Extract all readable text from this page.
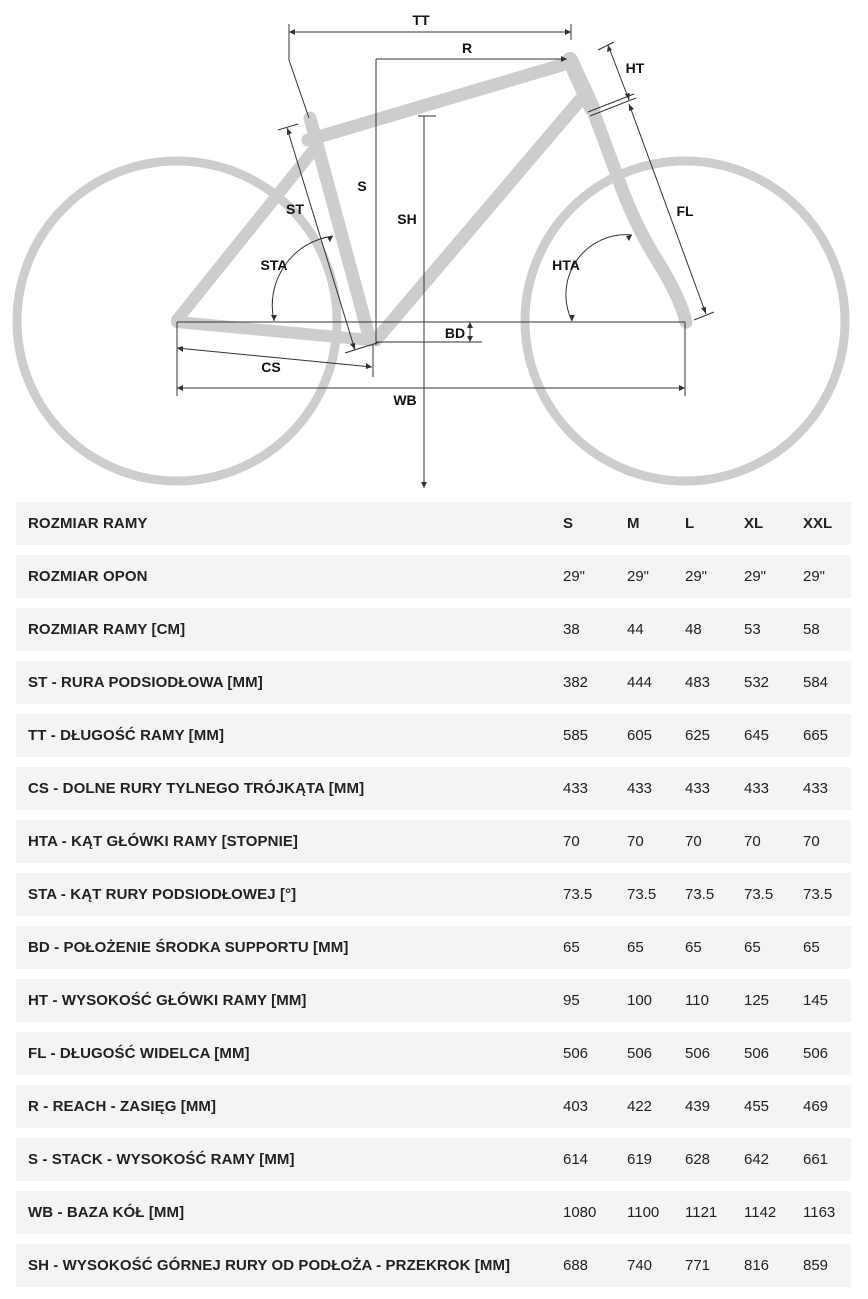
TT
R
HT
S
ST
SH	FL
STA	HTA
BD
CS
WB
ROZMIAR RAMY	S	M	L	XL	XXL
ROZMIAR OPON	29"	29"	29"	29"	29"
ROZMIAR RAMY [CM]	38	44	48	53	58
ST - RURA PODSIODŁOWA [MM]	382	444	483	532	584
TT - DŁUGOŚĆ RAMY [MM]	585	605	625	645	665
CS - DOLNE RURY TYLNEGO TRÓJKĄTA [MM]	433	433	433	433	433
HTA - KĄT GŁÓWKI RAMY [STOPNIE]	70	70	70	70	70
STA - KĄT RURY PODSIODŁOWEJ [°]	73.5	73.5	73.5	73.5	73.5
BD - POŁOŻENIE ŚRODKA SUPPORTU [MM]	65	65	65	65	65
HT - WYSOKOŚĆ GŁÓWKI RAMY [MM]	95	100	110	125	145
FL - DŁUGOŚĆ WIDELCA [MM]	506	506	506	506	506
R - REACH - ZASIĘG [MM]	403	422	439	455	469
S - STACK - WYSOKOŚĆ RAMY [MM]	614	619	628	642	661
WB - BAZA KÓŁ [MM]	1080	1100	1121	1142	1163
SH - WYSOKOŚĆ GÓRNEJ RURY OD PODŁOŻA - PRZEKROK [MM]	688	740	771	816	859
